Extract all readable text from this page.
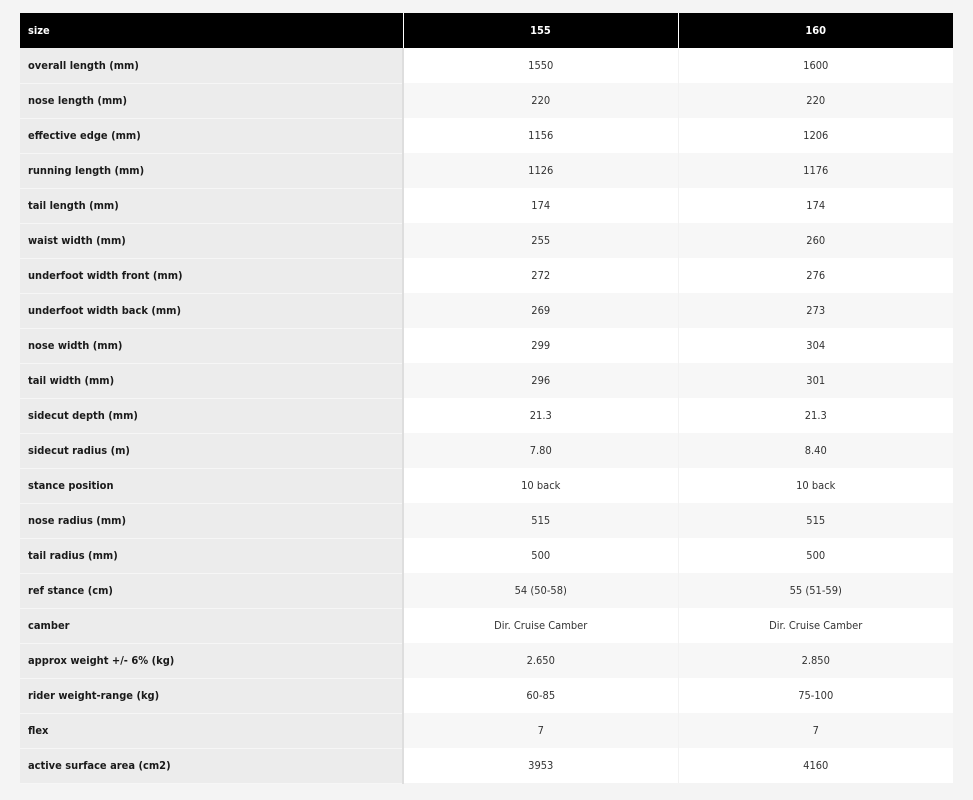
size	155	160
overall length (mm)	1550	1600
nose length (mm)	220	220
effective edge (mm)	1156	1206
running length (mm)	1126	1176
tail length (mm)	174	174
waist width (mm)	255	260
underfoot width front (mm)	272	276
underfoot width back (mm)	269	273
nose width (mm)	299	304
tail width (mm)	296	301
sidecut depth (mm)	21.3	21.3
sidecut radius (m)	7.80	8.40
stance position	10 back	10 back
nose radius (mm)	515	515
tail radius (mm)	500	500
ref stance (cm)	54 (50-58)	55 (51-59)
camber	Dir. Cruise Camber	Dir. Cruise Camber
approx weight +/- 6% (kg)	2.650	2.850
rider weight-range (kg)	60-85	75-100
flex	7	7
active surface area (cm2)	3953	4160
